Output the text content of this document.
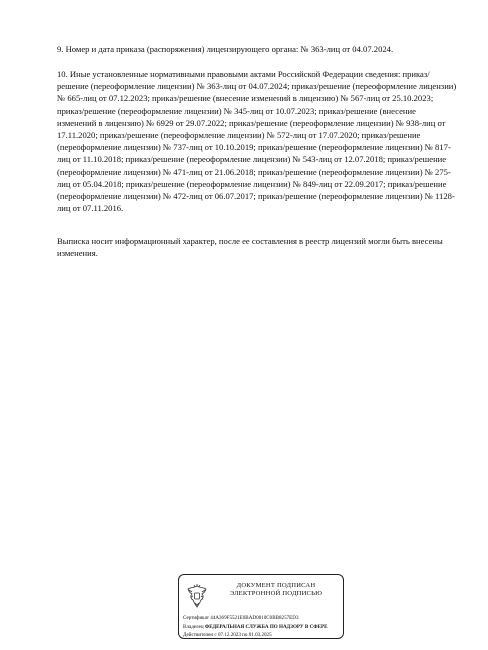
9. Номер и дата приказа (распоряжения) лицензирующего органа: № 363-лиц от 04.07.2024.

10. Иные установленные нормативными правовыми актами Российской Федерации сведения: приказ/решение (переоформление лицензии) № 363-лиц от 04.07.2024; приказ/решение (переоформление лицензии) № 665-лиц от 07.12.2023; приказ/решение (внесение изменений в лицензию) № 567-лиц от 25.10.2023; приказ/решение (переоформление лицензии) № 345-лиц от 10.07.2023; приказ/решение (внесение изменений в лицензию) № 6929 от 29.07.2022; приказ/решение (переоформление лицензии) № 938-лиц от 17.11.2020; приказ/решение (переоформление лицензии) № 572-лиц от 17.07.2020; приказ/решение (переоформление лицензии) № 737-лиц от 10.10.2019; приказ/решение (переоформление лицензии) № 817-лиц от 11.10.2018; приказ/решение (переоформление лицензии) № 543-лиц от 12.07.2018; приказ/решение (переоформление лицензии) № 471-лиц от 21.06.2018; приказ/решение (переоформление лицензии) № 275-лиц от 05.04.2018; приказ/решение (переоформление лицензии) № 849-лиц от 22.09.2017; приказ/решение (переоформление лицензии) № 472-лиц от 06.07.2017; приказ/решение (переоформление лицензии) № 1128-лиц от 07.11.2016.

Выписка носит информационный характер, после ее составления в реестр лицензий могли быть внесены изменения.

ДОКУМЕНТ ПОДПИСАН
ЭЛЕКТРОННОЙ ПОДПИСЬЮ
Сертификат 44A369F5521E0BAD0810C0BB8257ED3
Владелец ФЕДЕРАЛЬНАЯ СЛУЖБА ПО НАДЗОРУ В СФЕРЕ
Действителен с 07.12.2023 по 01.03.2025
